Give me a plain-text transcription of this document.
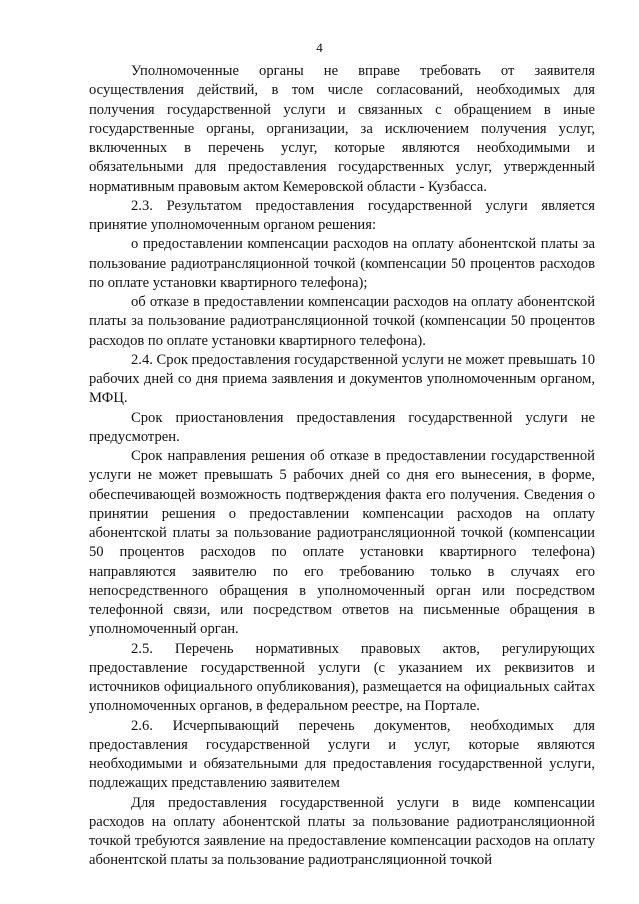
4

Уполномоченные органы не вправе требовать от заявителя осуществления действий, в том числе согласований, необходимых для получения государственной услуги и связанных с обращением в иные государственные органы, организации, за исключением получения услуг, включенных в перечень услуг, которые являются необходимыми и обязательными для предоставления государственных услуг, утвержденный нормативным правовым актом Кемеровской области - Кузбасса.

2.3. Результатом предоставления государственной услуги является принятие уполномоченным органом решения:

о предоставлении компенсации расходов на оплату абонентской платы за пользование радиотрансляционной точкой (компенсации 50 процентов расходов по оплате установки квартирного телефона);

об отказе в предоставлении компенсации расходов на оплату абонентской платы за пользование радиотрансляционной точкой (компенсации 50 процентов расходов по оплате установки квартирного телефона).

2.4. Срок предоставления государственной услуги не может превышать 10 рабочих дней со дня приема заявления и документов уполномоченным органом, МФЦ.

Срок приостановления предоставления государственной услуги не предусмотрен.

Срок направления решения об отказе в предоставлении государственной услуги не может превышать 5 рабочих дней со дня его вынесения, в форме, обеспечивающей возможность подтверждения факта его получения. Сведения о принятии решения о предоставлении компенсации расходов на оплату абонентской платы за пользование радиотрансляционной точкой (компенсации 50 процентов расходов по оплате установки квартирного телефона) направляются заявителю по его требованию только в случаях его непосредственного обращения в уполномоченный орган или посредством телефонной связи, или посредством ответов на письменные обращения в уполномоченный орган.

2.5. Перечень нормативных правовых актов, регулирующих предоставление государственной услуги (с указанием их реквизитов и источников официального опубликования), размещается на официальных сайтах уполномоченных органов, в федеральном реестре, на Портале.

2.6. Исчерпывающий перечень документов, необходимых для предоставления государственной услуги и услуг, которые являются необходимыми и обязательными для предоставления государственной услуги, подлежащих представлению заявителем

Для предоставления государственной услуги в виде компенсации расходов на оплату абонентской платы за пользование радиотрансляционной точкой требуются заявление на предоставление компенсации расходов на оплату абонентской платы за пользование радиотрансляционной точкой
